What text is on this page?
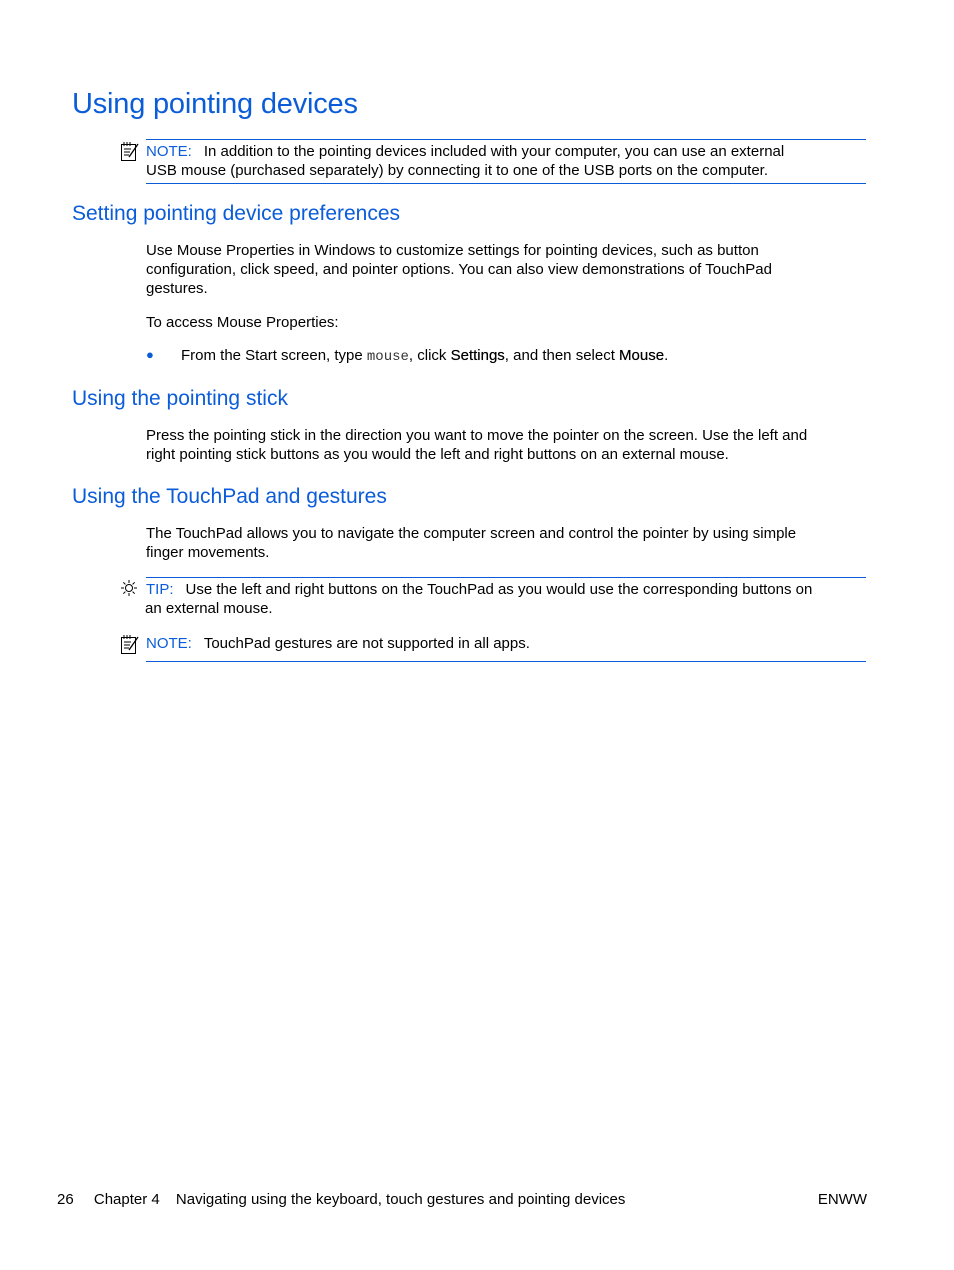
Using pointing devices
NOTE: In addition to the pointing devices included with your computer, you can use an external
USB mouse (purchased separately) by connecting it to one of the USB ports on the computer.
Setting pointing device preferences
Use Mouse Properties in Windows to customize settings for pointing devices, such as button
configuration, click speed, and pointer options. You can also view demonstrations of TouchPad
gestures.
To access Mouse Properties:
● From the Start screen, type mouse, click Settings, and then select Mouse.
Using the pointing stick
Press the pointing stick in the direction you want to move the pointer on the screen. Use the left and
right pointing stick buttons as you would the left and right buttons on an external mouse.
Using the TouchPad and gestures
The TouchPad allows you to navigate the computer screen and control the pointer by using simple
finger movements.
TIP: Use the left and right buttons on the TouchPad as you would use the corresponding buttons on
an external mouse.
NOTE: TouchPad gestures are not supported in all apps.
26 Chapter 4 Navigating using the keyboard, touch gestures and pointing devices	ENWW
